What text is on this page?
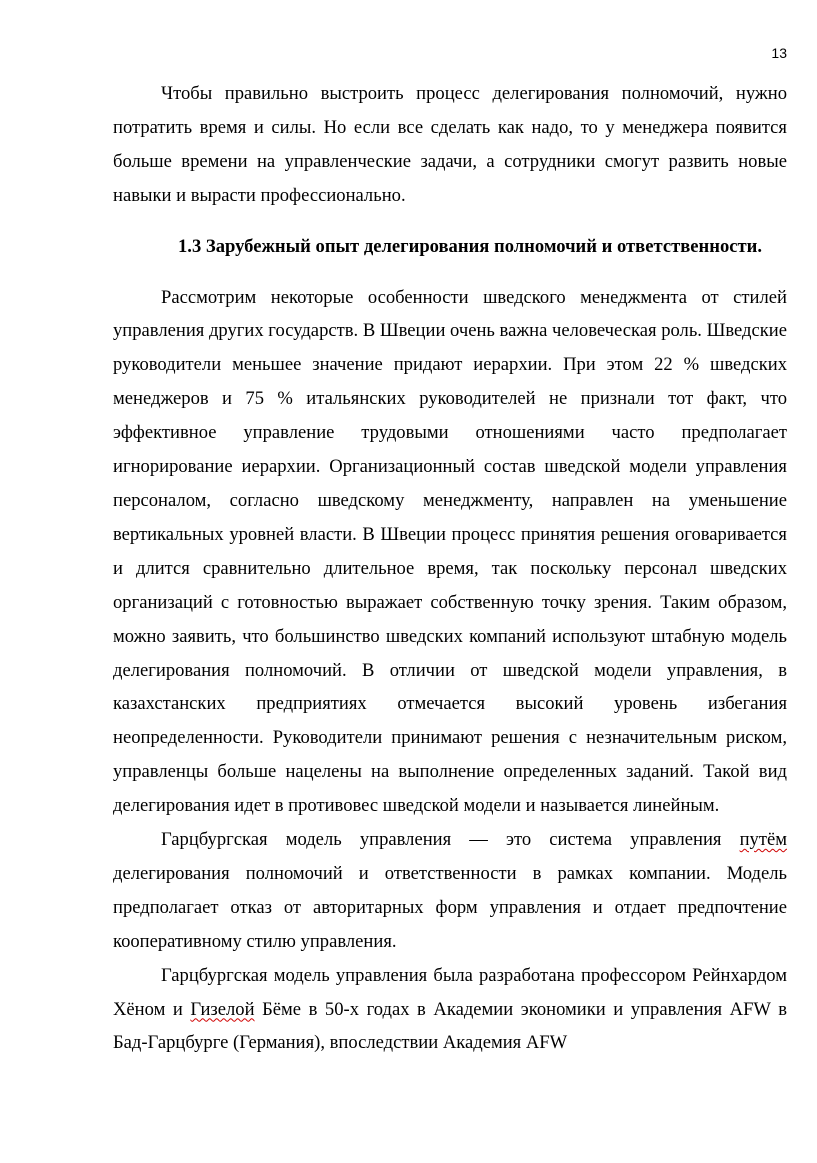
13

Чтобы правильно выстроить процесс делегирования полномочий, нужно потратить время и силы. Но если все сделать как надо, то у менеджера появится больше времени на управленческие задачи, а сотрудники смогут развить новые навыки и вырасти профессионально.

1.3 Зарубежный опыт делегирования полномочий и ответственности.

Рассмотрим некоторые особенности шведского менеджмента от стилей управления других государств. В Швеции очень важна человеческая роль. Шведские руководители меньшее значение придают иерархии. При этом 22 % шведских менеджеров и 75 % итальянских руководителей не признали тот факт, что эффективное управление трудовыми отношениями часто предполагает игнорирование иерархии. Организационный состав шведской модели управления персоналом, согласно шведскому менеджменту, направлен на уменьшение вертикальных уровней власти. В Швеции процесс принятия решения оговаривается и длится сравнительно длительное время, так поскольку персонал шведских организаций с готовностью выражает собственную точку зрения. Таким образом, можно заявить, что большинство шведских компаний используют штабную модель делегирования полномочий. В отличии от шведской модели управления, в казахстанских предприятиях отмечается высокий уровень избегания неопределенности. Руководители принимают решения с незначительным риском, управленцы больше нацелены на выполнение определенных заданий. Такой вид делегирования идет в противовес шведской модели и называется линейным.

Гарцбургская модель управления — это система управления путём делегирования полномочий и ответственности в рамках компании. Модель предполагает отказ от авторитарных форм управления и отдает предпочтение кооперативному стилю управления.

Гарцбургская модель управления была разработана профессором Рейнхардом Хёном и Гизелой Бёме в 50-х годах в Академии экономики и управления AFW в Бад-Гарцбурге (Германия), впоследствии Академия AFW
